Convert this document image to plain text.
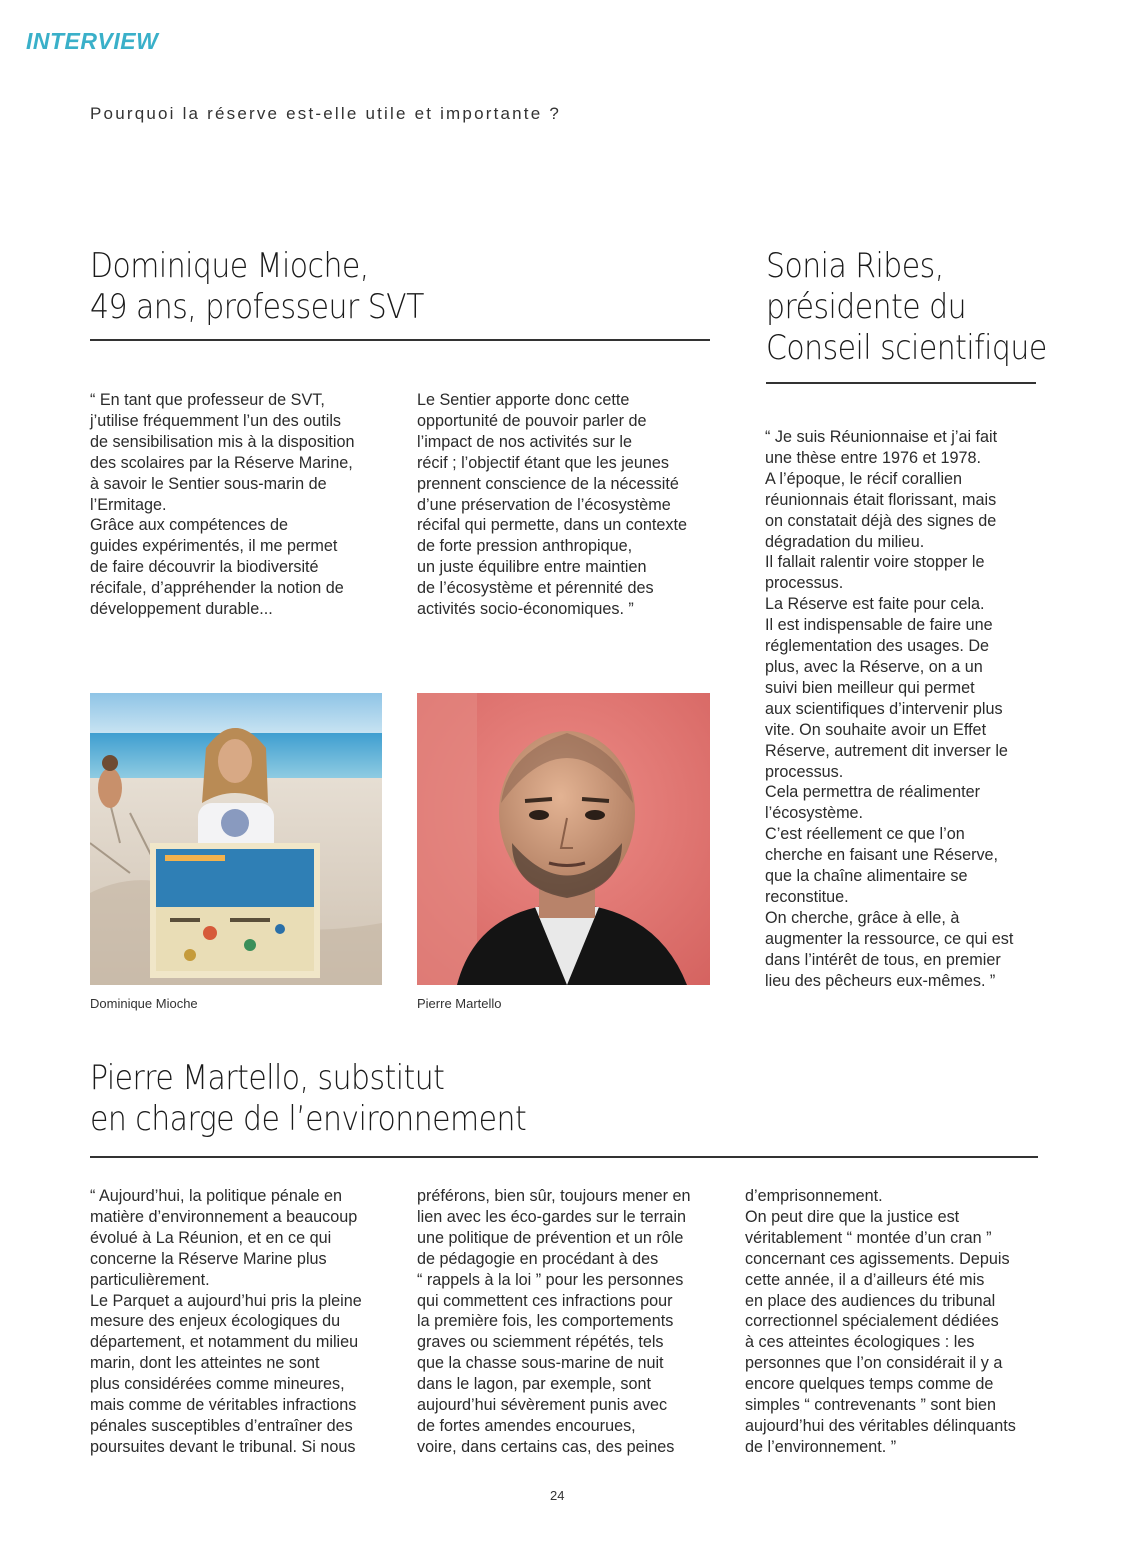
INTERVIEW
Pourquoi la réserve est-elle utile et importante ?
Dominique Mioche,
49 ans, professeur SVT
“ En tant que professeur de SVT,
j’utilise fréquemment l’un des outils
de sensibilisation mis à la disposition
des scolaires par la Réserve Marine,
à savoir le Sentier sous-marin de
l’Ermitage.
Grâce aux compétences de
guides expérimentés, il me permet
de faire découvrir la biodiversité
récifale, d’appréhender la notion de
développement durable...
Le Sentier apporte donc cette
opportunité de pouvoir parler de
l’impact de nos activités sur le
récif ; l’objectif étant que les jeunes
prennent conscience de la nécessité
d’une préservation de l’écosystème
récifal qui permette, dans un contexte
de forte pression anthropique,
un juste équilibre entre maintien
de l’écosystème et pérennité des
activités socio-économiques. ”
Sonia Ribes,
présidente du
Conseil scientifique
“ Je suis Réunionnaise et j’ai fait
une thèse entre 1976 et 1978.
A l’époque, le récif corallien
réunionnais était florissant, mais
on constatait déjà des signes de
dégradation du milieu.
Il fallait ralentir voire stopper le
processus.
La Réserve est faite pour cela.
Il est indispensable de faire une
réglementation des usages. De
plus, avec la Réserve, on a un
suivi bien meilleur qui permet
aux scientifiques d’intervenir plus
vite. On souhaite avoir un Effet
Réserve, autrement dit inverser le
processus.
Cela permettra de réalimenter
l’écosystème.
C’est réellement ce que l’on
cherche en faisant une Réserve,
que la chaîne alimentaire se
reconstitue.
On cherche, grâce à elle, à
augmenter la ressource, ce qui est
dans l’intérêt de tous, en premier
lieu des pêcheurs eux-mêmes. ”
Dominique Mioche	Pierre Martello
Pierre Martello, substitut
en charge de l’environnement
“ Aujourd’hui, la politique pénale en
matière d’environnement a beaucoup
évolué à La Réunion, et en ce qui
concerne la Réserve Marine plus
particulièrement.
Le Parquet a aujourd’hui pris la pleine
mesure des enjeux écologiques du
département, et notamment du milieu
marin, dont les atteintes ne sont
plus considérées comme mineures,
mais comme de véritables infractions
pénales susceptibles d’entraîner des
poursuites devant le tribunal. Si nous
préférons, bien sûr, toujours mener en
lien avec les éco-gardes sur le terrain
une politique de prévention et un rôle
de pédagogie en procédant à des
“ rappels à la loi ” pour les personnes
qui commettent ces infractions pour
la première fois, les comportements
graves ou sciemment répétés, tels
que la chasse sous-marine de nuit
dans le lagon, par exemple, sont
aujourd’hui sévèrement punis avec
de fortes amendes encourues,
voire, dans certains cas, des peines
d’emprisonnement.
On peut dire que la justice est
véritablement “ montée d’un cran ”
concernant ces agissements. Depuis
cette année, il a d’ailleurs été mis
en place des audiences du tribunal
correctionnel spécialement dédiées
à ces atteintes écologiques : les
personnes que l’on considérait il y a
encore quelques temps comme de
simples “ contrevenants ” sont bien
aujourd’hui des véritables délinquants
de l’environnement. ”
24
